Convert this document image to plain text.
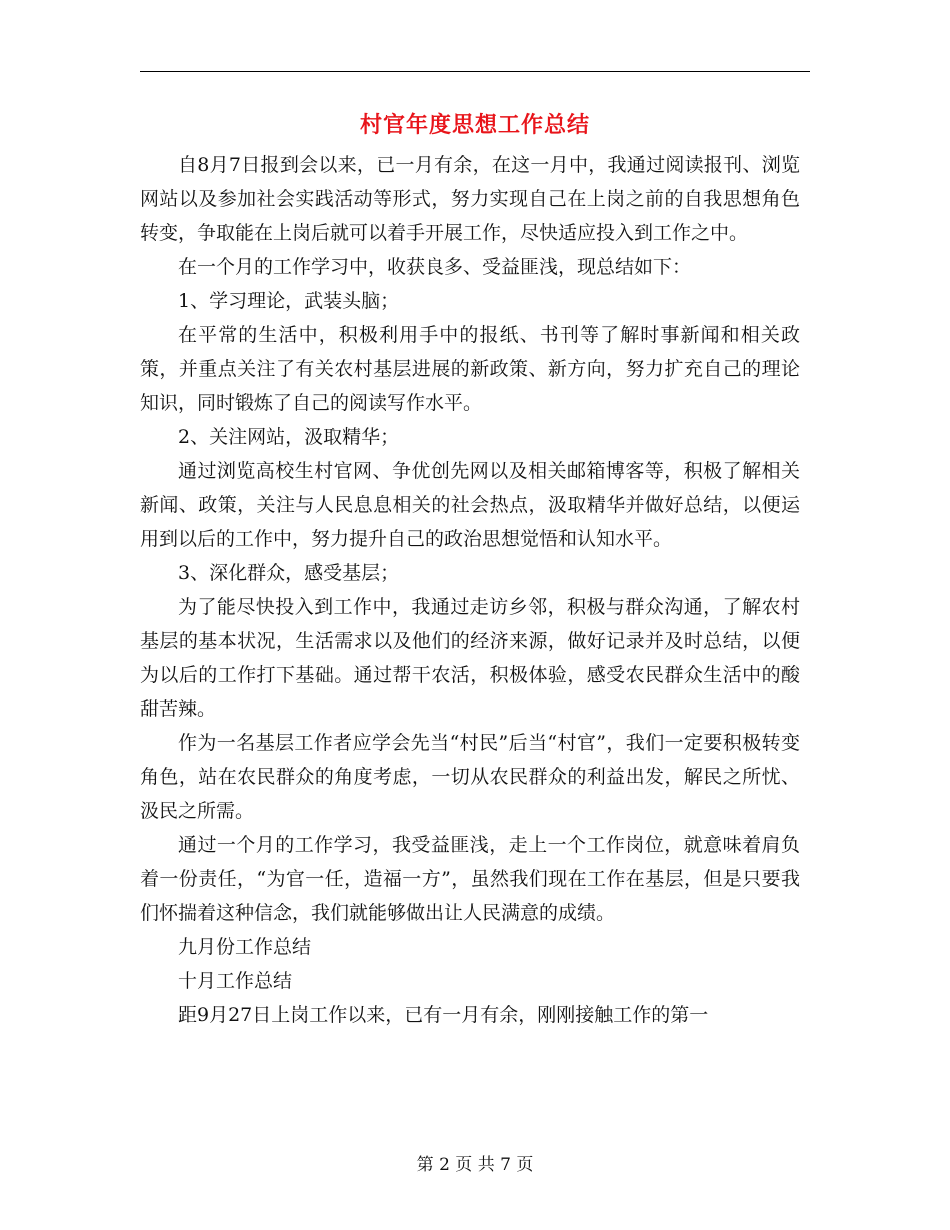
村官年度思想工作总结

自8月7日报到会以来，已一月有余，在这一月中，我通过阅读报刊、浏览网站以及参加社会实践活动等形式，努力实现自己在上岗之前的自我思想角色转变，争取能在上岗后就可以着手开展工作，尽快适应投入到工作之中。

在一个月的工作学习中，收获良多、受益匪浅，现总结如下：

1、学习理论，武装头脑；

在平常的生活中，积极利用手中的报纸、书刊等了解时事新闻和相关政策，并重点关注了有关农村基层进展的新政策、新方向，努力扩充自己的理论知识，同时锻炼了自己的阅读写作水平。

2、关注网站，汲取精华；

通过浏览高校生村官网、争优创先网以及相关邮箱博客等，积极了解相关新闻、政策，关注与人民息息相关的社会热点，汲取精华并做好总结，以便运用到以后的工作中，努力提升自己的政治思想觉悟和认知水平。

3、深化群众，感受基层；

为了能尽快投入到工作中，我通过走访乡邻，积极与群众沟通，了解农村基层的基本状况，生活需求以及他们的经济来源，做好记录并及时总结，以便为以后的工作打下基础。通过帮干农活，积极体验，感受农民群众生活中的酸甜苦辣。

作为一名基层工作者应学会先当“村民”后当“村官”，我们一定要积极转变角色，站在农民群众的角度考虑，一切从农民群众的利益出发，解民之所忧、汲民之所需。

通过一个月的工作学习，我受益匪浅，走上一个工作岗位，就意味着肩负着一份责任，“为官一任，造福一方”，虽然我们现在工作在基层，但是只要我们怀揣着这种信念，我们就能够做出让人民满意的成绩。

九月份工作总结

十月工作总结

距9月27日上岗工作以来，已有一月有余，刚刚接触工作的第一

第 2 页 共 7 页
